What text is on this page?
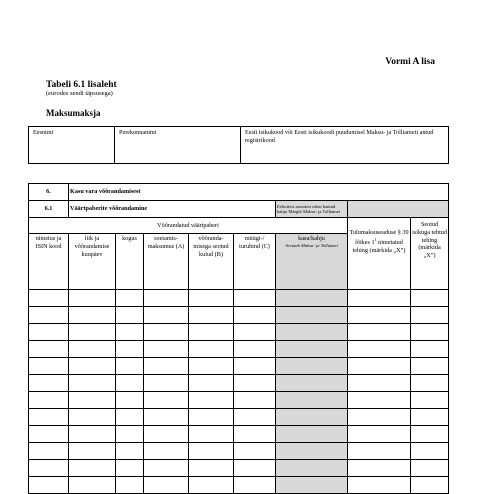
Vormi A lisa
Tabeli 6.1 lisaleht
(eurodes sendi täpsusega)
Maksumaksja
Eesnimi	Perekonnanimi	Eesti isikukood või Eesti isikukoodi puudumisel Maksu- ja Tolliameti antud registrikood
6.	Kasu vara võõrandamisest							
6.1	Väärtpaberite võõrandamine					Eeltoitest aastatest edasi kantud kahju Märgib Maksu- ja Tolliamet		
Võõrandatud väärtpaberi							Tulumaksuseaduse § 39 lõikes $1^1$ nimetatud tehing (märkida „X”)	Seotud isikuga tehtud tehing (märkida „X”)
nimetus ja ISIN kood	liik ja võõrandamise kuupäev	kogus	soetamis-maksumus (A)	võõranda-misega seotud kulud (B)	müügi-/ turuhind (C)	kasu/kahju
Arvutab Maksu- ja Tolliamet		
